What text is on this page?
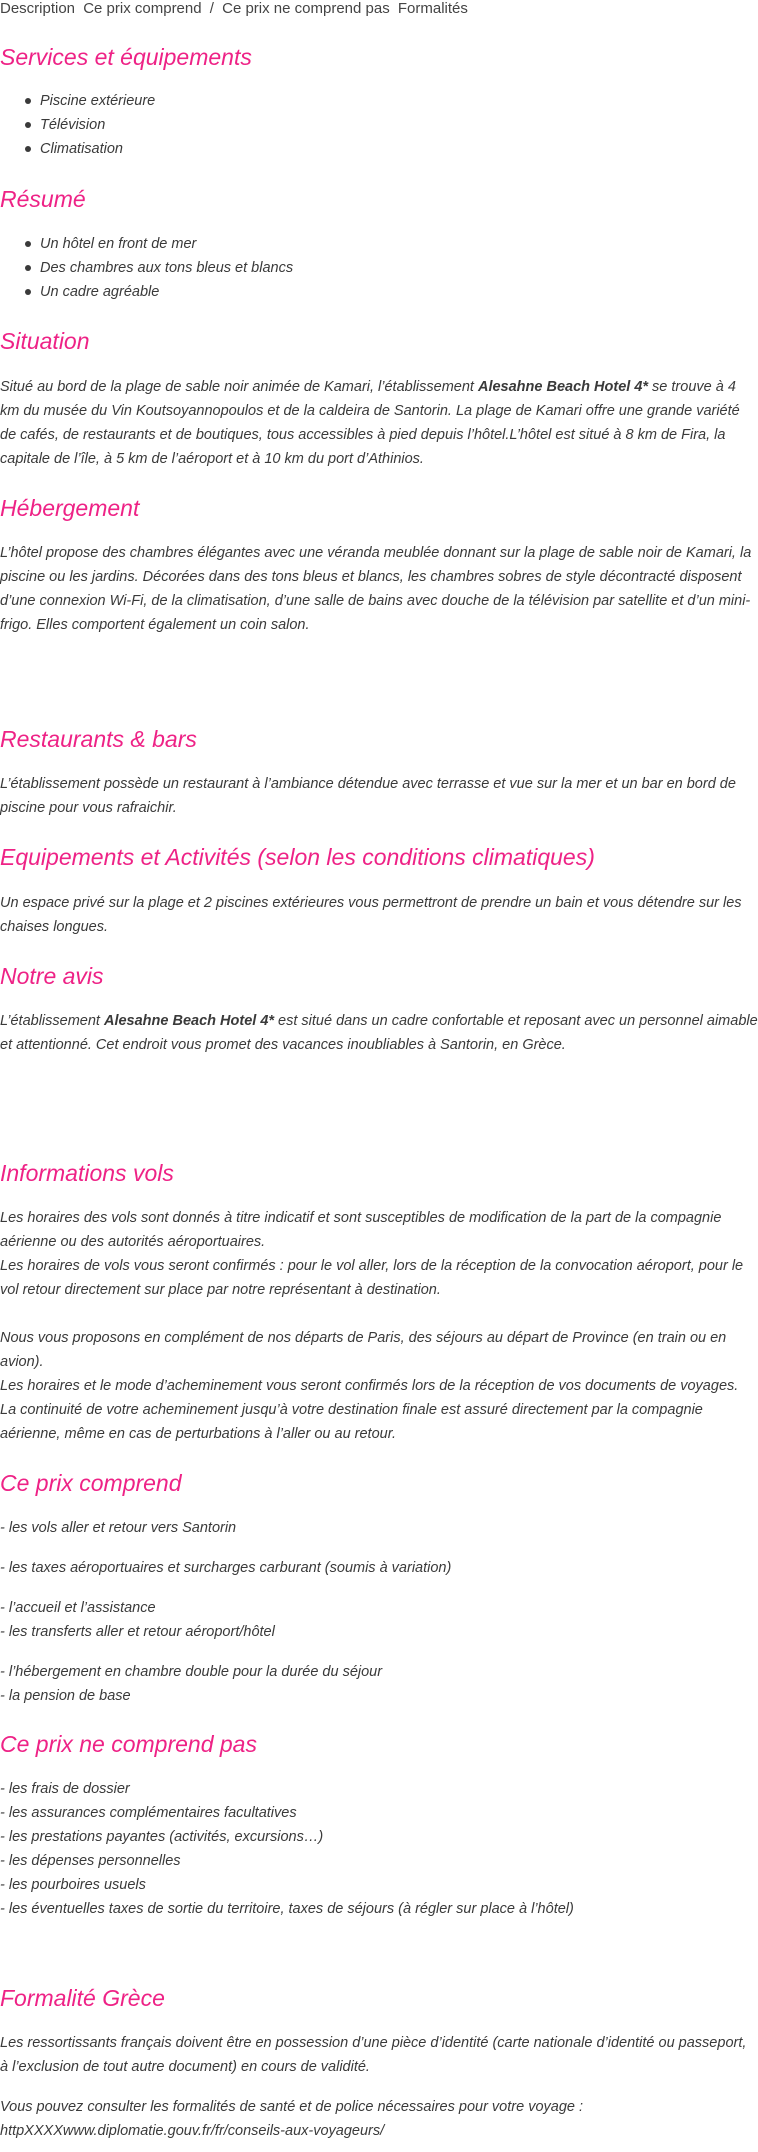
Description Ce prix comprend / Ce prix ne comprend pas Formalités
Services et équipements
Piscine extérieure
Télévision
Climatisation
Résumé
Un hôtel en front de mer
Des chambres aux tons bleus et blancs
Un cadre agréable
Situation

Situé au bord de la plage de sable noir animée de Kamari, l’établissement Alesahne Beach Hotel 4* se trouve à 4 km du musée du Vin Koutsoyannopoulos et de la caldeira de Santorin. La plage de Kamari offre une grande variété de cafés, de restaurants et de boutiques, tous accessibles à pied depuis l’hôtel.L’hôtel est situé à 8 km de Fira, la capitale de l’île, à 5 km de l’aéroport et à 10 km du port d’Athinios.

Hébergement

L’hôtel propose des chambres élégantes avec une véranda meublée donnant sur la plage de sable noir de Kamari, la piscine ou les jardins. Décorées dans des tons bleus et blancs, les chambres sobres de style décontracté disposent d’une connexion Wi-Fi, de la climatisation, d’une salle de bains avec douche de la télévision par satellite et d’un mini-frigo. Elles comportent également un coin salon.

Restaurants & bars

L’établissement possède un restaurant à l’ambiance détendue avec terrasse et vue sur la mer et un bar en bord de piscine pour vous rafraichir.

Equipements et Activités (selon les conditions climatiques)

Un espace privé sur la plage et 2 piscines extérieures vous permettront de prendre un bain et vous détendre sur les chaises longues.

Notre avis

L’établissement Alesahne Beach Hotel 4* est situé dans un cadre confortable et reposant avec un personnel aimable et attentionné. Cet endroit vous promet des vacances inoubliables à Santorin, en Grèce.

Informations vols
Les horaires des vols sont donnés à titre indicatif et sont susceptibles de modification de la part de la compagnie aérienne ou des autorités aéroportuaires.
Les horaires de vols vous seront confirmés : pour le vol aller, lors de la réception de la convocation aéroport, pour le vol retour directement sur place par notre représentant à destination.
Nous vous proposons en complément de nos départs de Paris, des séjours au départ de Province (en train ou en avion).
Les horaires et le mode d’acheminement vous seront confirmés lors de la réception de vos documents de voyages.
La continuité de votre acheminement jusqu’à votre destination finale est assuré directement par la compagnie aérienne, même en cas de perturbations à l’aller ou au retour.
Ce prix comprend
- les vols aller et retour vers Santorin
- les taxes aéroportuaires et surcharges carburant (soumis à variation)
- l’accueil et l’assistance
- les transferts aller et retour aéroport/hôtel
- l’hébergement en chambre double pour la durée du séjour
- la pension de base
Ce prix ne comprend pas
- les frais de dossier
- les assurances complémentaires facultatives
- les prestations payantes (activités, excursions…)
- les dépenses personnelles
- les pourboires usuels
- les éventuelles taxes de sortie du territoire, taxes de séjours (à régler sur place à l’hôtel)
Formalité Grèce
Les ressortissants français doivent être en possession d’une pièce d’identité (carte nationale d’identité ou passeport, à l’exclusion de tout autre document) en cours de validité.
Vous pouvez consulter les formalités de santé et de police nécessaires pour votre voyage :
httpXXXXwww.diplomatie.gouv.fr/fr/conseils-aux-voyageurs/
